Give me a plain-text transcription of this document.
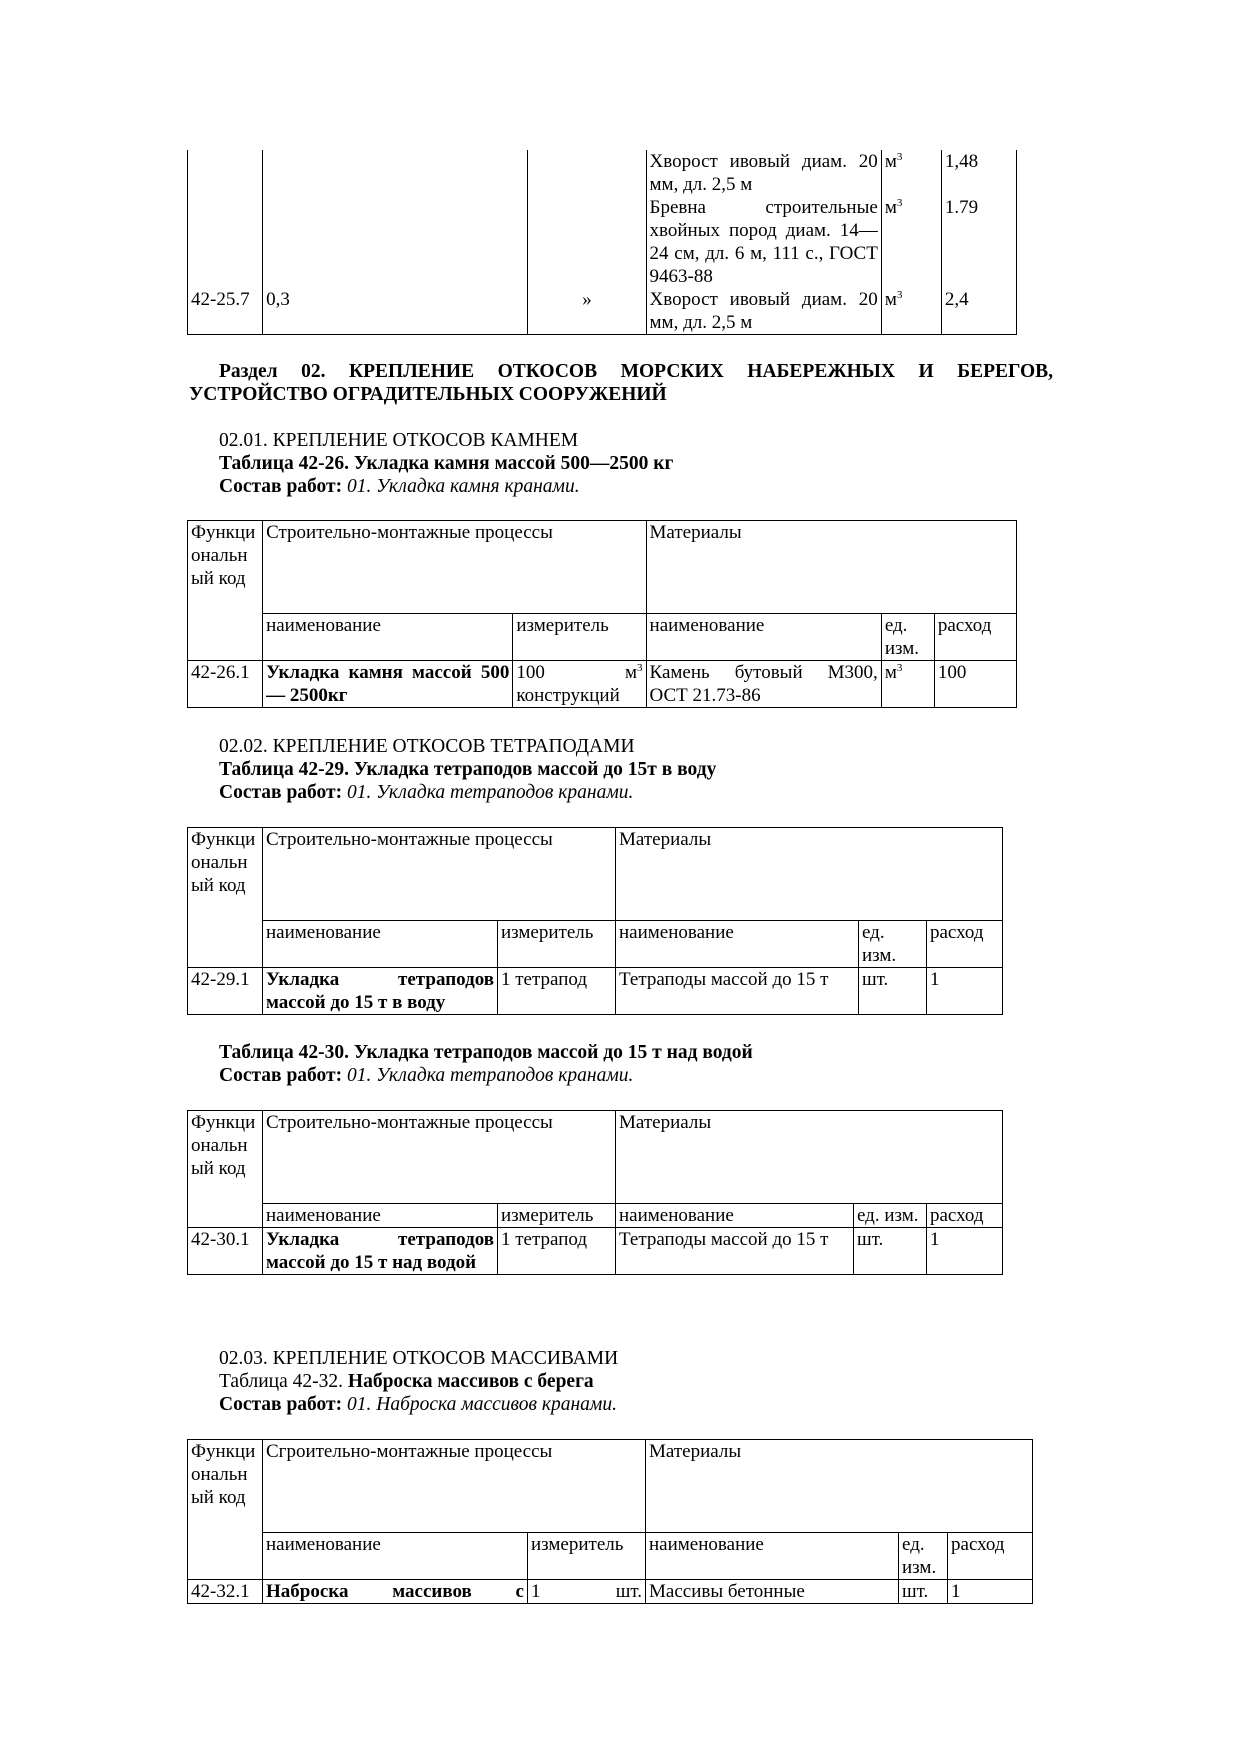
			Хворост ивовый диам. 20 мм, дл. 2,5 м	$м^3$	1,48
			Бревна строительные хвойных пород диам. 14—24 см, дл. 6 м, 111 с., ГОСТ 9463-88	$м^3$	1.79
42-25.7	0,3	»	Хворост ивовый диам. 20 мм, дл. 2,5 м	$м^3$	2,4
Раздел 02. КРЕПЛЕНИЕ ОТКОСОВ МОРСКИХ НАБЕРЕЖНЫХ И БЕРЕГОВ, УСТРОЙСТВО ОГРАДИТЕЛЬНЫХ СООРУЖЕНИЙ
02.01. КРЕПЛЕНИЕ ОТКОСОВ КАМНЕМ
Таблица 42-26. Укладка камня массой 500—2500 кг
Состав работ: 01. Укладка камня кранами.
Функциональный код	Строительно-монтажные процессы		Материалы		
	наименование	измеритель	наименование	ед. изм.	расход
42-26.1	Укладка камня массой 500— 2500кг	100 $м^3$ конструкций	Камень бутовый М300, ОСТ 21.73-86	$м^3$	100
02.02. КРЕПЛЕНИЕ ОТКОСОВ ТЕТРАПОДАМИ
Таблица 42-29. Укладка тетраподов массой до 15т в воду
Состав работ: 01. Укладка тетраподов кранами.
Функциональный код	Строительно-монтажные процессы		Материалы		
	наименование	измеритель	наименование	ед. изм.	расход
42-29.1	Укладка тетраподов массой до 15 т в воду	1 тетрапод	Тетраподы массой до 15 т	шт.	1
Таблица 42-30. Укладка тетраподов массой до 15 т над водой
Состав работ: 01. Укладка тетраподов кранами.
Функциональный код	Строительно-монтажные процессы		Материалы		
	наименование	измеритель	наименование	ед. изм.	расход
42-30.1	Укладка тетраподов массой до 15 т над водой	1 тетрапод	Тетраподы массой до 15 т	шт.	1
02.03. КРЕПЛЕНИЕ ОТКОСОВ МАССИВАМИ
Таблица 42-32. Наброска массивов с берега
Состав работ: 01. Наброска массивов кранами.
Функциональный код	Сгроительно-монтажные процессы		Материалы		
	наименование	измеритель	наименование	ед. изм.	расход
42-32.1	Наброска массивов с	1 шт.	Массивы бетонные	шт.	1
